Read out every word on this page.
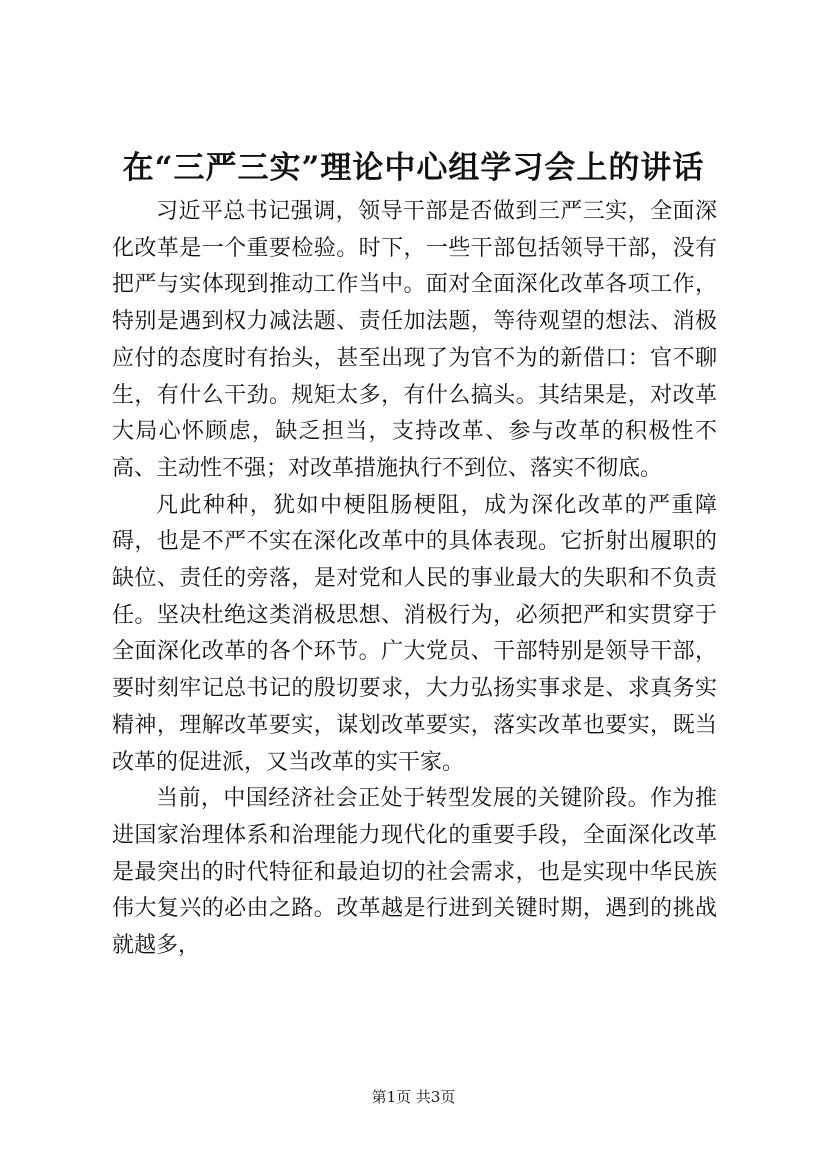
在“三严三实”理论中心组学习会上的讲话

习近平总书记强调，领导干部是否做到三严三实，全面深化改革是一个重要检验。时下，一些干部包括领导干部，没有把严与实体现到推动工作当中。面对全面深化改革各项工作，特别是遇到权力减法题、责任加法题，等待观望的想法、消极应付的态度时有抬头，甚至出现了为官不为的新借口：官不聊生，有什么干劲。规矩太多，有什么搞头。其结果是，对改革大局心怀顾虑，缺乏担当，支持改革、参与改革的积极性不高、主动性不强；对改革措施执行不到位、落实不彻底。

凡此种种，犹如中梗阻肠梗阻，成为深化改革的严重障碍，也是不严不实在深化改革中的具体表现。它折射出履职的缺位、责任的旁落，是对党和人民的事业最大的失职和不负责任。坚决杜绝这类消极思想、消极行为，必须把严和实贯穿于全面深化改革的各个环节。广大党员、干部特别是领导干部，要时刻牢记总书记的殷切要求，大力弘扬实事求是、求真务实精神，理解改革要实，谋划改革要实，落实改革也要实，既当改革的促进派，又当改革的实干家。

当前，中国经济社会正处于转型发展的关键阶段。作为推进国家治理体系和治理能力现代化的重要手段，全面深化改革是最突出的时代特征和最迫切的社会需求，也是实现中华民族伟大复兴的必由之路。改革越是行进到关键时期，遇到的挑战就越多，

第1页 共3页
